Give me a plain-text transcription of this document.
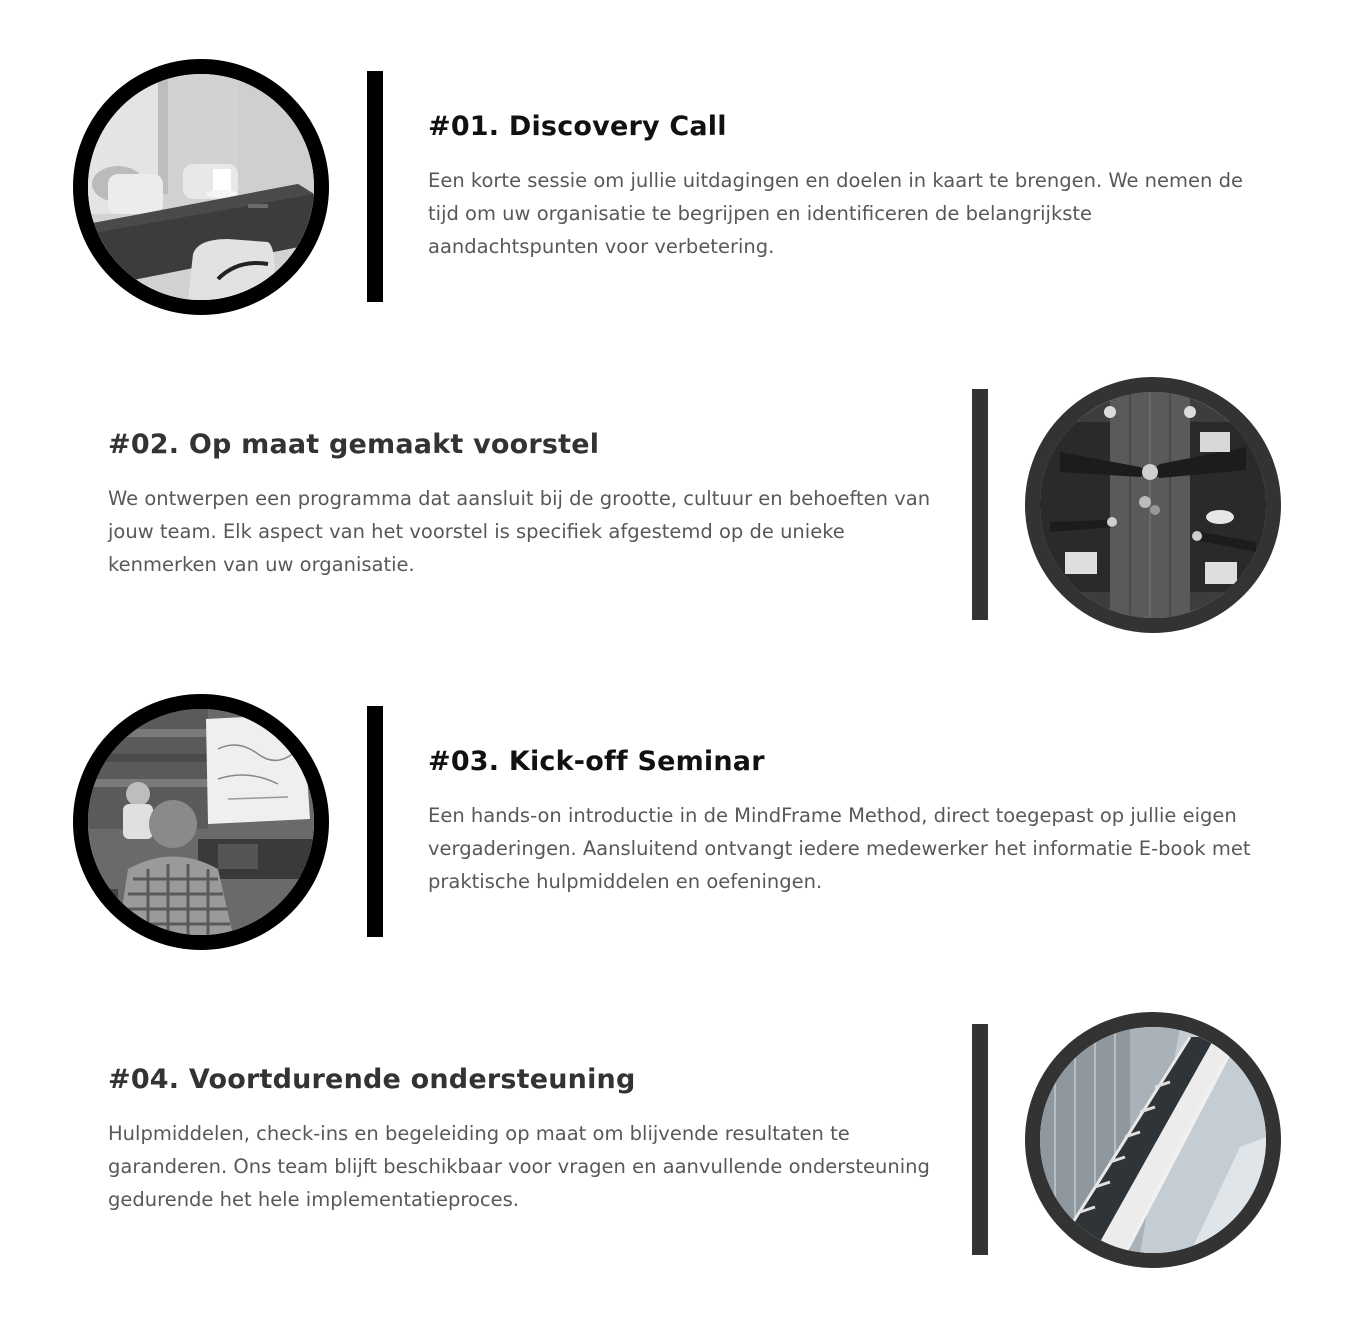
#01. Discovery Call

Een korte sessie om jullie uitdagingen en doelen in kaart te brengen. We nemen de tijd om uw organisatie te begrijpen en identificeren de belangrijkste aandachtspunten voor verbetering.

#02. Op maat gemaakt voorstel

We ontwerpen een programma dat aansluit bij de grootte, cultuur en behoeften van jouw team. Elk aspect van het voorstel is specifiek afgestemd op de unieke kenmerken van uw organisatie.

#03. Kick-off Seminar

Een hands-on introductie in de MindFrame Method, direct toegepast op jullie eigen vergaderingen. Aansluitend ontvangt iedere medewerker het informatie E-book met praktische hulpmiddelen en oefeningen.

#04. Voortdurende ondersteuning

Hulpmiddelen, check-ins en begeleiding op maat om blijvende resultaten te garanderen. Ons team blijft beschikbaar voor vragen en aanvullende ondersteuning gedurende het hele implementatieproces.
